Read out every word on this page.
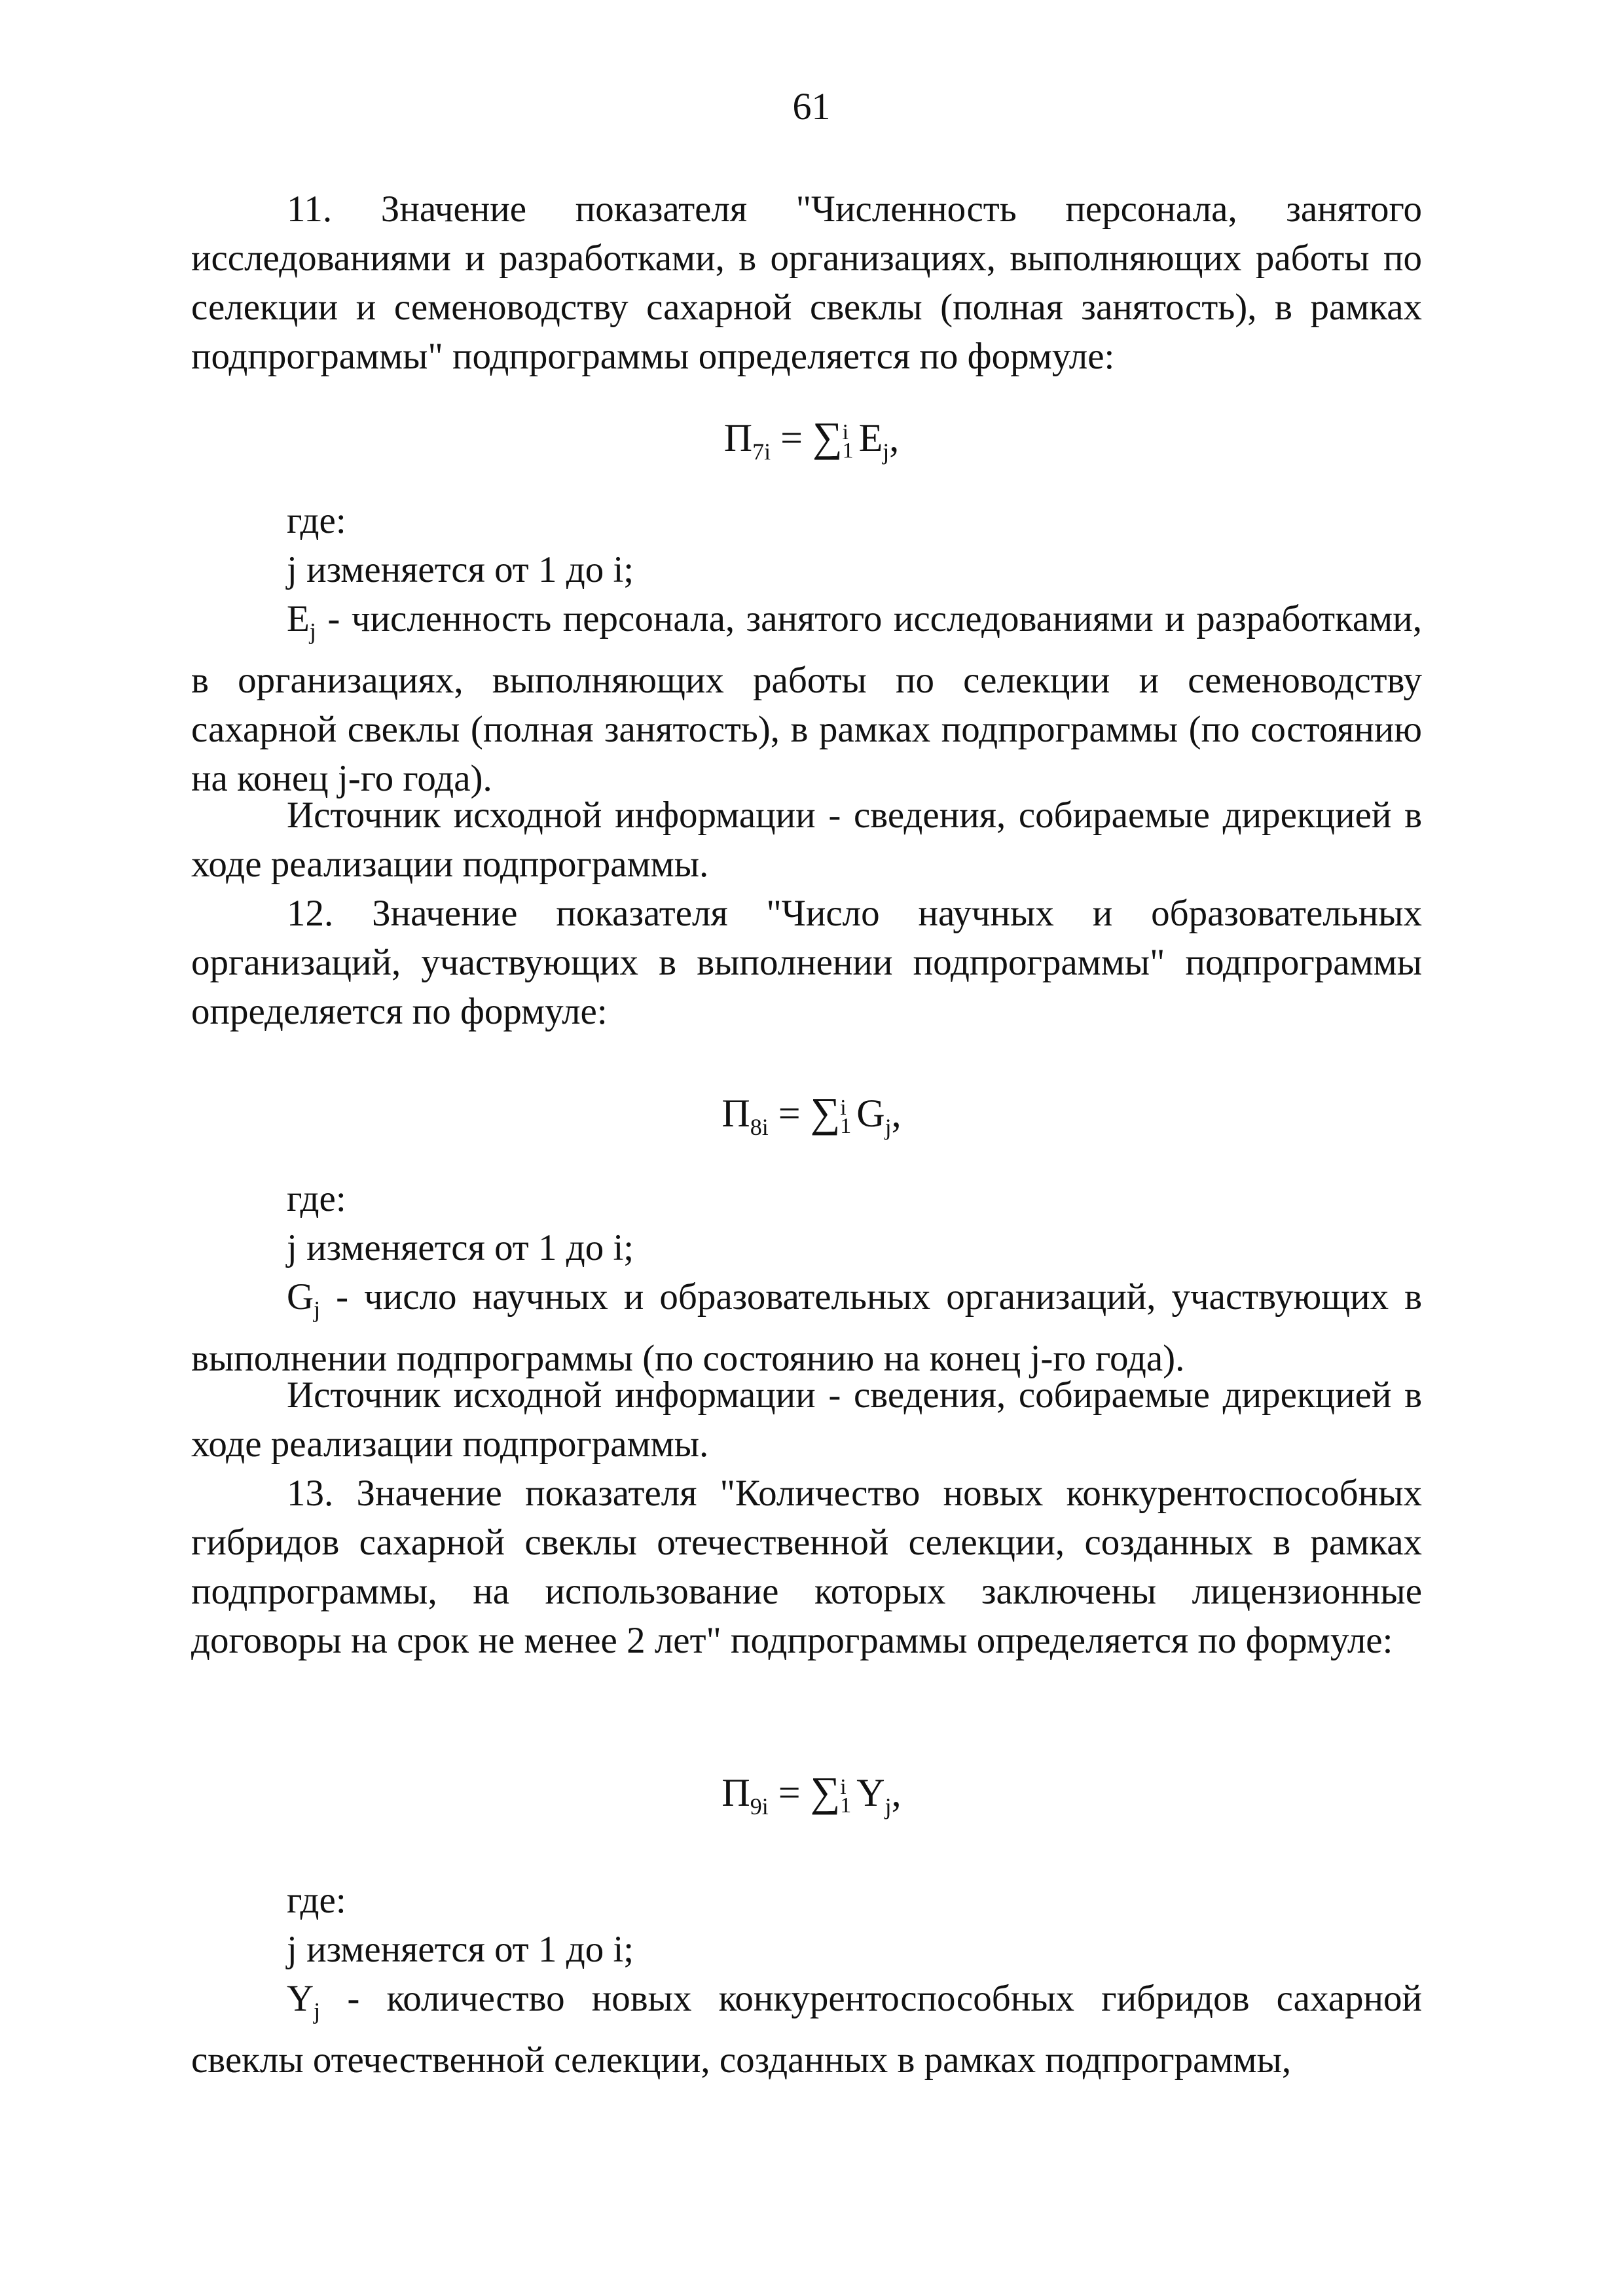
61

11. Значение показателя "Численность персонала, занятого исследованиями и разработками, в организациях, выполняющих работы по селекции и семеноводству сахарной свеклы (полная занятость), в рамках подпрограммы" подпрограммы определяется по формуле:

$П_{7i}$ = ∑ i
1 $E_j$,
где:
j изменяется от 1 до i;

$E_j$ - численность персонала, занятого исследованиями и разработками, в организациях, выполняющих работы по селекции и семеноводству сахарной свеклы (полная занятость), в рамках подпрограммы (по состоянию на конец j-го года).

Источник исходной информации - сведения, собираемые дирекцией в ходе реализации подпрограммы.

12. Значение показателя "Число научных и образовательных организаций, участвующих в выполнении подпрограммы" подпрограммы определяется по формуле:

$П_{8i}$ = ∑ i
1 $G_j$,
где:
j изменяется от 1 до i;

$G_j$ - число научных и образовательных организаций, участвующих в выполнении подпрограммы (по состоянию на конец j-го года).

Источник исходной информации - сведения, собираемые дирекцией в ходе реализации подпрограммы.

13. Значение показателя "Количество новых конкурентоспособных гибридов сахарной свеклы отечественной селекции, созданных в рамках подпрограммы, на использование которых заключены лицензионные договоры на срок не менее 2 лет" подпрограммы определяется по формуле:

$П_{9i}$ = ∑ i
1 $Y_j$,
где:
j изменяется от 1 до i;

$Y_j$ - количество новых конкурентоспособных гибридов сахарной свеклы отечественной селекции, созданных в рамках подпрограммы,
